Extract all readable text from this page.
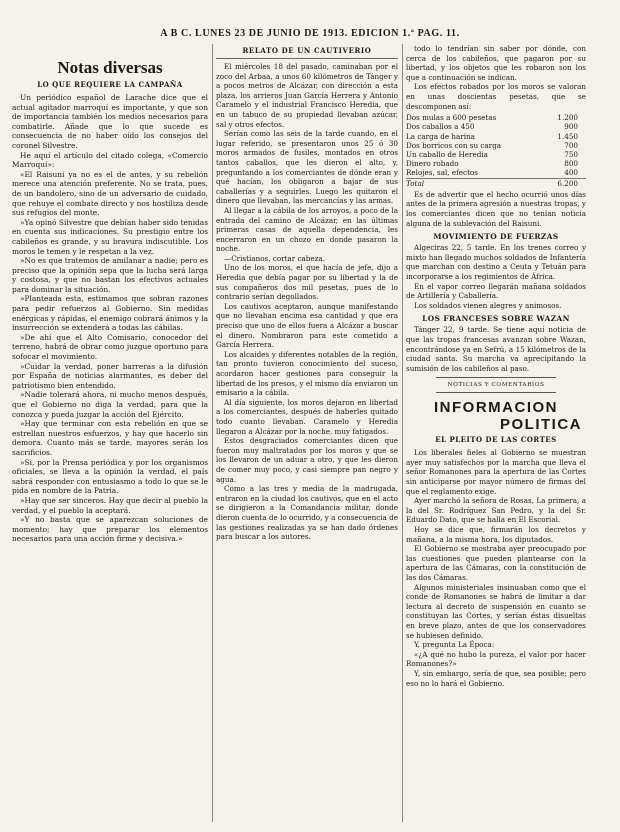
A B C. LUNES 23 DE JUNIO DE 1913. EDICION 1.ª PAG. 11.
Notas diversas
LO QUE REQUIERE LA CAMPAÑA

Un periódico español de Larache dice que el actual agitador marroquí es importante, y que son de importancia también los medios necesarios para combatirle. Añade que lo que sucede es consecuencia de no haber oído los consejos del coronel Silvestre.

He aquí el artículo del citado colega, «Comercio Marroquí»:

«El Raisuni ya no es el de antes, y su rebelión merece una atención preferente. No se trata, pues, de un bandolero, sino de un adversario de cuidado, que rehuye el combate directo y nos hostiliza desde sus refugios del monte.

»Ya opinó Silvestre que debían haber sido tenidas en cuenta sus indicaciones. Su prestigio entre los cabileños es grande, y su bravura indiscutible. Los moros le temen y le respetan a la vez.

»No es que tratemos de amilanar a nadie; pero es preciso que la opinión sepa que la lucha será larga y costosa, y que no bastan los efectivos actuales para dominar la situación.

»Planteada esta, estimamos que sobran razones para pedir refuerzos al Gobierno. Sin medidas enérgicas y rápidas, el enemigo cobrará ánimos y la insurrección se extenderá a todas las cábilas.

»De ahí que el Alto Comisario, conocedor del terreno, habrá de obrar como juzgue oportuno para sofocar el movimiento.

»Cuidar la verdad, poner barreras a la difusión por España de noticias alarmantes, es deber del patriotismo bien entendido.

»Nadie tolerará ahora, ni mucho menos después, que el Gobierno no diga la verdad, para que la conozca y pueda juzgar la acción del Ejército.

»Hay que terminar con esta rebelión en que se estrellan nuestros esfuerzos, y hay que hacerlo sin demora. Cuanto más se tarde, mayores serán los sacrificios.

»Si, por la Prensa periódica y por los organismos oficiales, se lleva a la opinión la verdad, el país sabrá responder con entusiasmo a todo lo que se le pida en nombre de la Patria.

»Hay que ser sinceros. Hay que decir al pueblo la verdad, y el pueblo la aceptará.

»Y no basta que se aparezcan soluciones de momento; hay que preparar los elementos necesarios para una acción firme y decisiva.»

RELATO DE UN CAUTIVERIO

El miércoles 18 del pasado, caminaban por el zoco del Arbaa, a unos 60 kilómetros de Tánger y a pocos metros de Alcázar, con dirección a esta plaza, los arrieros Juan García Herrera y Antonio Caramelo y el industrial Francisco Heredia, que en un tabuco de su propiedad llevaban azúcar, sal y otros efectos.

Serían como las seis de la tarde cuando, en el lugar referido, se presentaron unos 25 ó 30 moros armados de fusiles, montados en otros tantos caballos, que les dieron el alto, y, preguntando a los comerciantes de dónde eran y qué hacían, los obligaron a bajar de sus caballerías y a seguirles. Luego les quitaron el dinero que llevaban, las mercancías y las armas.

Al llegar a la cábila de los arroyos, a poco de la entrada del camino de Alcázar, en las últimas primeras casas de aquella dependencia, les encerraron en un chozo en donde pasaron la noche.

—Cristianos, cortar cabeza.

Uno de los moros, el que hacía de jefe, dijo a Heredia que debía pagar por su libertad y la de sus compañeros dos mil pesetas, pues de lo contrario serían degollados.

Los cautivos aceptaron, aunque manifestando que no llevaban encima esa cantidad y que era preciso que uno de ellos fuera a Alcázar a buscar el dinero. Nombraron para este cometido a García Herrera.

Los alcaides y diferentes notables de la región, tan pronto tuvieron conocimiento del suceso, acordaron hacer gestiones para conseguir la libertad de los presos, y el mismo día enviaron un emisario a la cábila.

Al día siguiente, los moros dejaron en libertad a los comerciantes, después de haberles quitado todo cuanto llevaban. Caramelo y Heredia llegaron a Alcázar por la noche, muy fatigados.

Estos desgraciados comerciantes dicen que fueron muy maltratados por los moros y que se los llevaron de un aduar a otro, y que les dieron de comer muy poco, y casi siempre pan negro y agua.

Como a las tres y media de la madrugada, entraron en la ciudad los cautivos, que en el acto se dirigieron a la Comandancia militar, donde dieron cuenta de lo ocurrido, y a consecuencia de las gestiones realizadas ya se han dado órdenes para buscar a los autores.

todo lo tendrían sin saber por dónde, con cerca de los cabileños, que pagaron por su libertad, y los objetos que les robaron son los que a continuación se indican.

Los efectos robados por los moros se valoran en unas doscientas pesetas, que se descomponen así:

Dos mulas a 600 pesetas	1.200
Dos caballos a 450	900
La carga de harina	1.450
Dos borricos con su carga	700
Un caballo de Heredia	750
Dinero robado	800
Relojes, sal, efectos	400
Total	6.200

Es de advertir que el hecho ocurrió unos días antes de la primera agresión a nuestras tropas, y los comerciantes dicen que no tenían noticia alguna de la sublevación del Raisuni.

MOVIMIENTO DE FUERZAS

Algeciras 22, 5 tarde. En los trenes correo y mixto han llegado muchos soldados de Infantería que marchan con destino a Ceuta y Tetuán para incorporarse a los regimientos de África.

En el vapor correo llegarán mañana soldados de Artillería y Caballería.

Los soldados vienen alegres y animosos.

LOS FRANCESES SOBRE WAZAN

Tánger 22, 9 tarde. Se tiene aquí noticia de que las tropas francesas avanzan sobre Wazan, encontrándose ya en Sefrú, a 15 kilómetros de la ciudad santa. Su marcha va aprecipitando la sumisión de los cabileños al paso.

NOTICIAS Y COMENTARIOS
INFORMACION
POLITICA
EL PLEITO DE LAS CORTES

Los liberales fieles al Gobierno se muestran ayer muy satisfechos por la marcha que lleva el señor Romanones para la apertura de las Cortes sin anticiparse por mayor número de firmas del que el reglamento exige.

Ayer marchó la señora de Rosas, La primera, a la del Sr. Rodríguez San Pedro, y la del Sr. Eduardo Dato, que se halla en El Escorial.

Hoy se dice que, firmarán los decretos y mañana, a la misma hora, los diputados.

El Gobierno se mostraba ayer preocupado por las cuestiones que pueden plantearse con la apertura de las Cámaras, con la constitución de las dos Cámaras.

Algunos ministeriales insinuaban como que el conde de Romanones se habrá de limitar a dar lectura al decreto de suspensión en cuanto se constituyan las Cortes, y serían éstas disueltas en breve plazo, antes de que los conservadores se hubiesen definido.

Y, pregunta La Época:

«¿A qué no hubo la pureza, el valor por hacer Romanones?»

Y, sin embargo, sería de que, sea posible; pero eso no lo hará el Gobierno.
